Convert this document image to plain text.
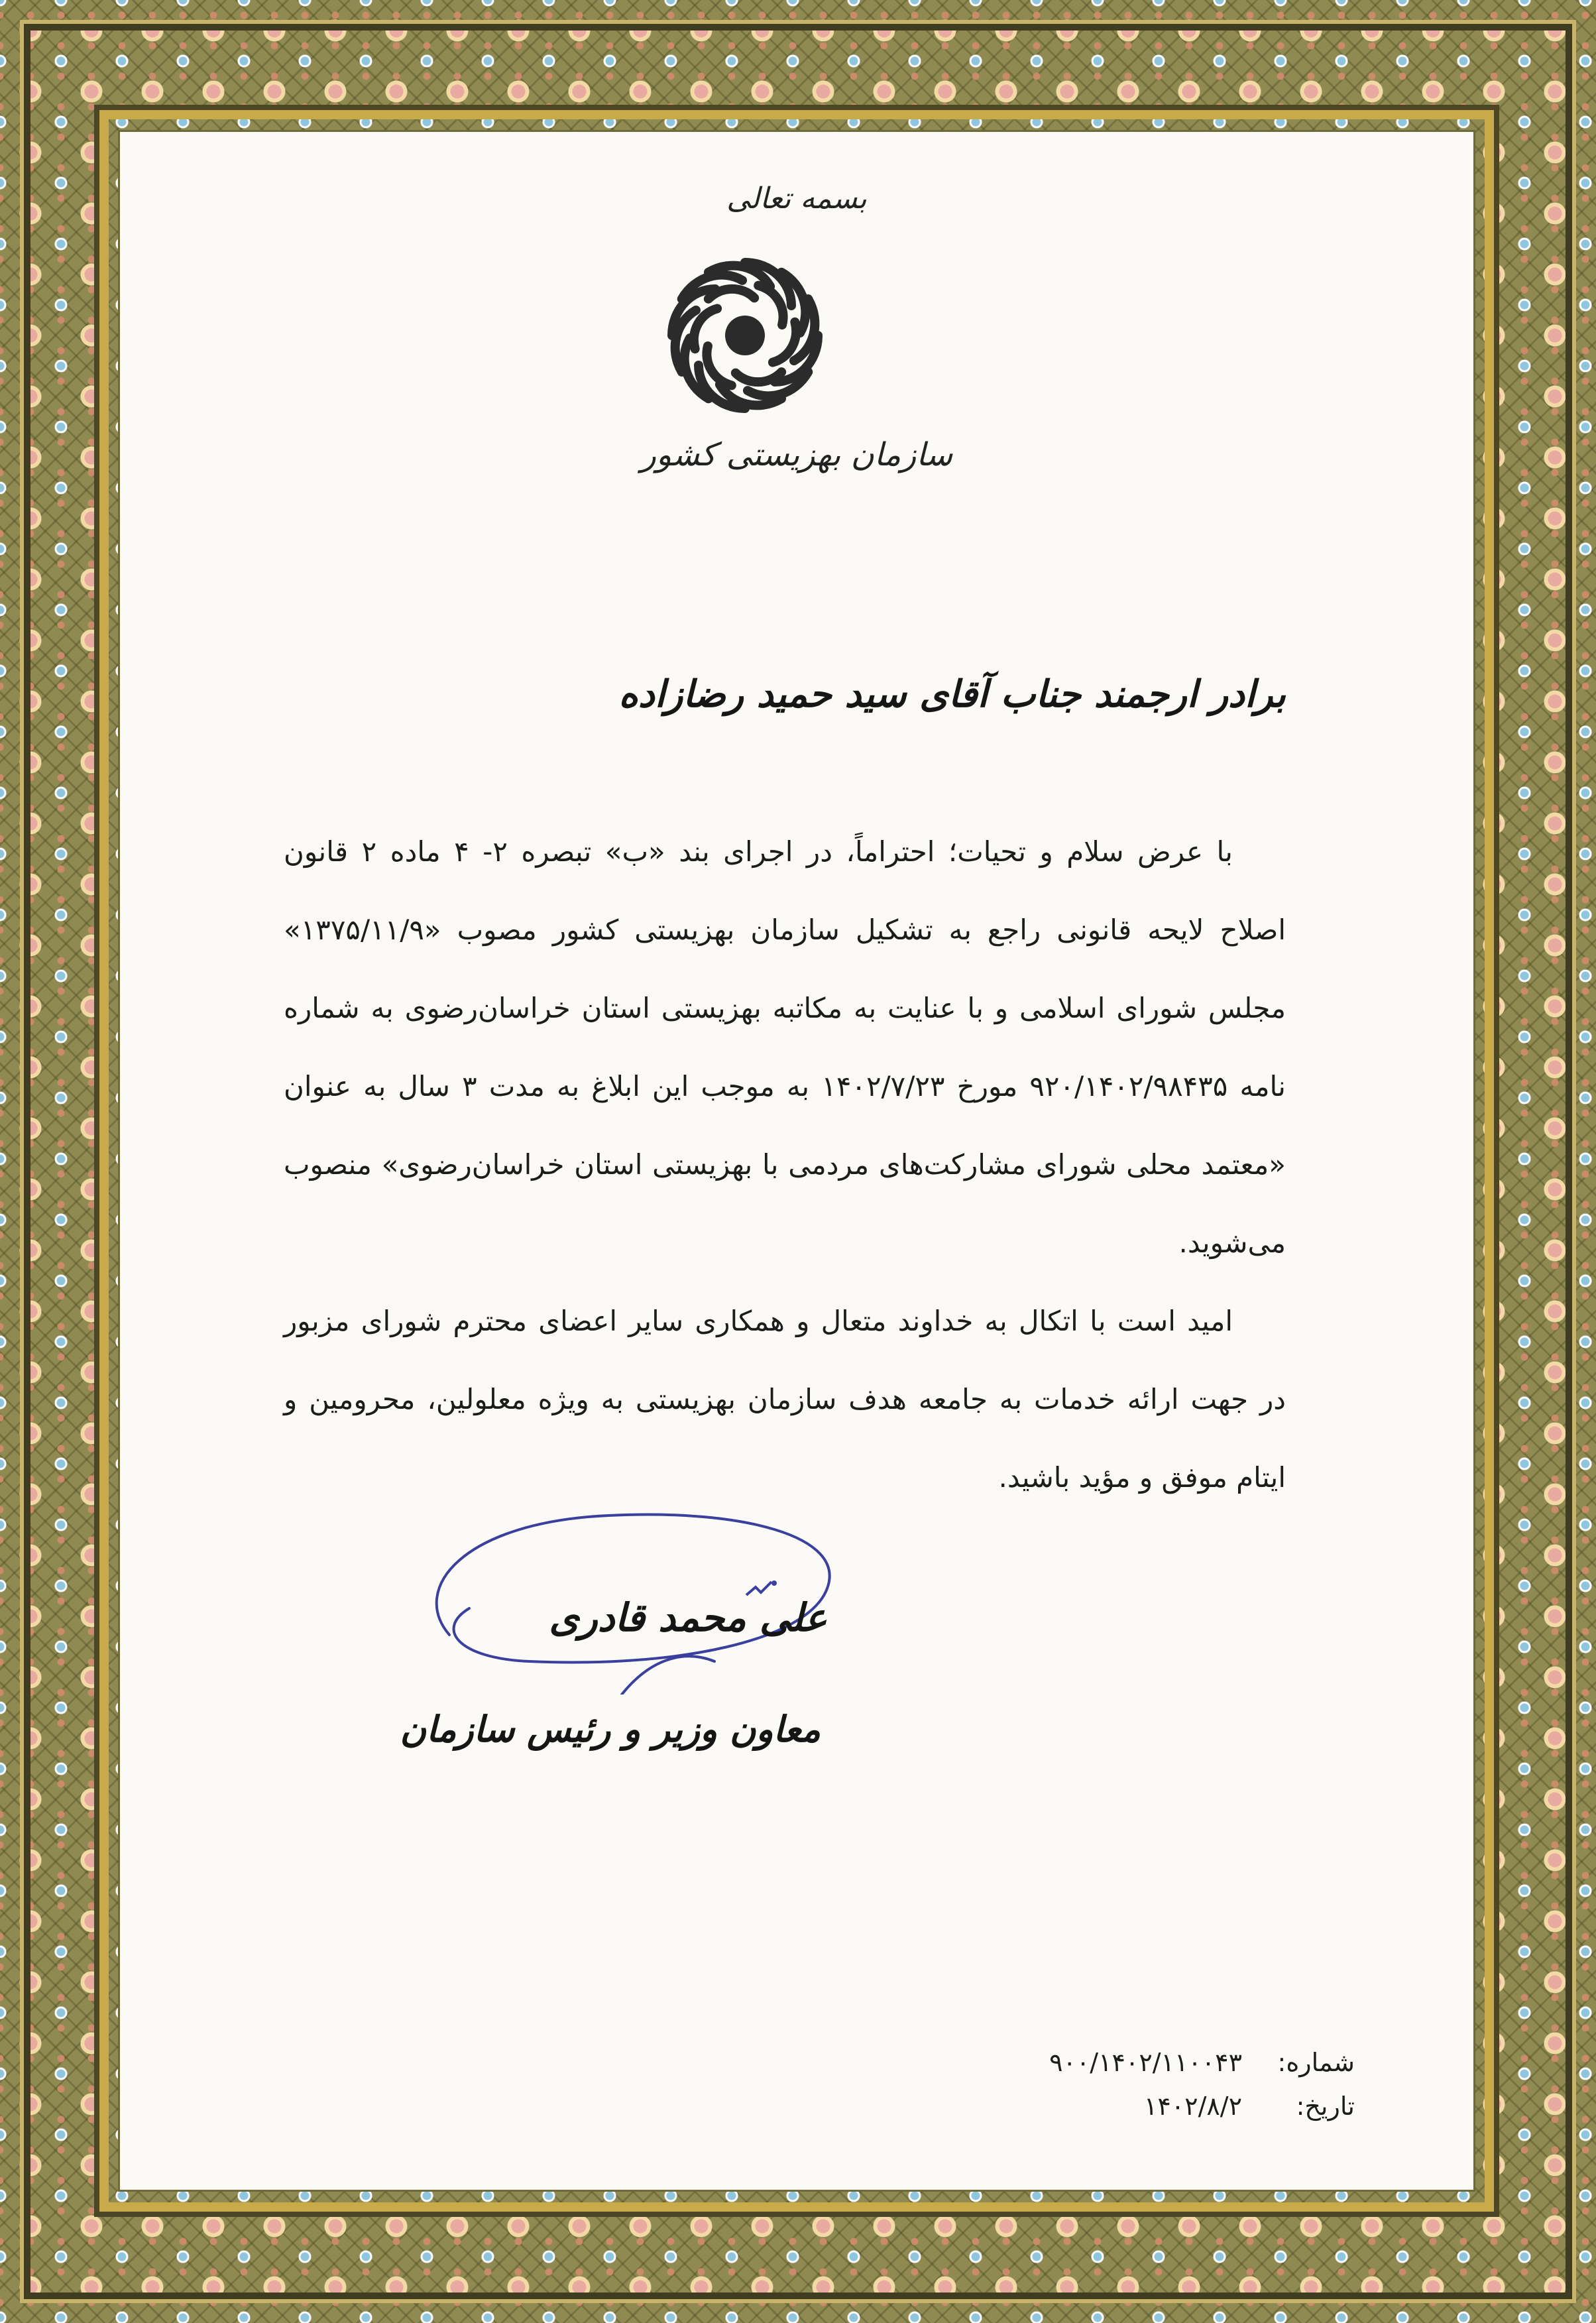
بسمه تعالی
سازمان بهزیستی کشور
برادر ارجمند جناب آقای سید حمید رضازاده

با عرض سلام و تحیات؛ احتراماً، در اجرای بند «ب» تبصره ۲- ۴ ماده ۲ قانون اصلاح لایحه قانونی راجع به تشکیل سازمان بهزیستی کشور مصوب «۱۳۷۵/۱۱/۹» مجلس شورای اسلامی و با عنایت به مکاتبه بهزیستی استان خراسان‌رضوی به شماره نامه ۹۲۰/۱۴۰۲/۹۸۴۳۵ مورخ ۱۴۰۲/۷/۲۳ به موجب این ابلاغ به مدت ۳ سال به عنوان «معتمد محلی شورای مشارکت‌های مردمی با بهزیستی استان خراسان‌رضوی» منصوب می‌شوید.

امید است با اتکال به خداوند متعال و همکاری سایر اعضای محترم شورای مزبور در جهت ارائه خدمات به جامعه هدف سازمان بهزیستی به ویژه معلولین، محرومین و ایتام موفق و مؤید باشید.

علی محمد قادری
معاون وزیر و رئیس سازمان
شماره:
۹۰۰/۱۴۰۲/۱۱۰۰۴۳
تاریخ:
۱۴۰۲/۸/۲
